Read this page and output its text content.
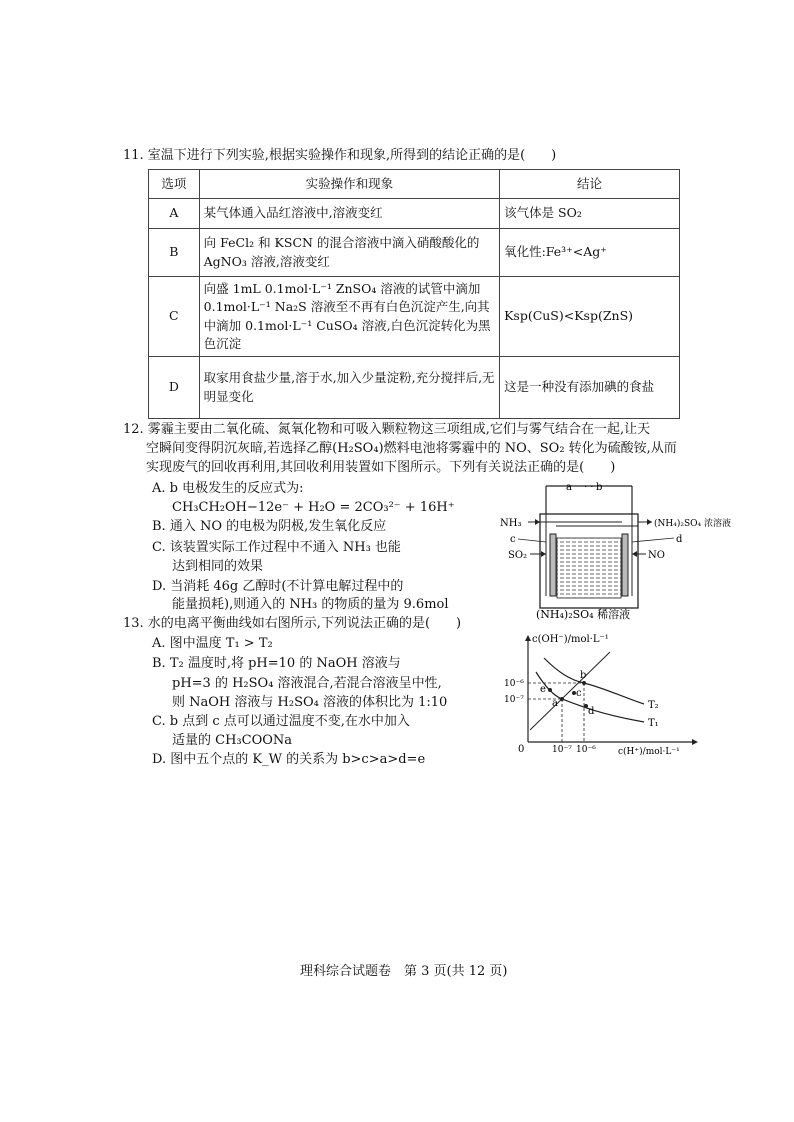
11. 室温下进行下列实验,根据实验操作和现象,所得到的结论正确的是(　　)
选项	实验操作和现象	结论
A	某气体通入品红溶液中,溶液变红	该气体是 SO₂
B	向 FeCl₂ 和 KSCN 的混合溶液中滴入硝酸酸化的 AgNO₃ 溶液,溶液变红	氧化性:Fe³⁺<Ag⁺
C	向盛 1mL 0.1mol·L⁻¹ ZnSO₄ 溶液的试管中滴加 0.1mol·L⁻¹ Na₂S 溶液至不再有白色沉淀产生,向其中滴加 0.1mol·L⁻¹ CuSO₄ 溶液,白色沉淀转化为黑色沉淀	Ksp(CuS)<Ksp(ZnS)
D	取家用食盐少量,溶于水,加入少量淀粉,充分搅拌后,无明显变化	这是一种没有添加碘的食盐
12. 雾霾主要由二氧化硫、氮氧化物和可吸入颗粒物这三项组成,它们与雾气结合在一起,让天
空瞬间变得阴沉灰暗,若选择乙醇(H₂SO₄)燃料电池将雾霾中的 NO、SO₂ 转化为硫酸铵,从而
实现废气的回收再利用,其回收利用装置如下图所示。下列有关说法正确的是(　　)
A. b 电极发生的反应式为:
CH₃CH₂OH−12e⁻ + H₂O = 2CO₃²⁻ + 16H⁺
B. 通入 NO 的电极为阴极,发生氧化反应
C. 该装置实际工作过程中不通入 NH₃ 也能
达到相同的效果
D. 当消耗 46g 乙醇时(不计算电解过程中的
能量损耗),则通入的 NH₃ 的物质的量为 9.6mol
a · · b
NH₃	(NH₄)₂SO₄ 浓溶液
c	d
SO₂	NO
(NH₄)₂SO₄ 稀溶液
13. 水的电离平衡曲线如右图所示,下列说法正确的是(　　)
A. 图中温度 T₁ > T₂
B. T₂ 温度时,将 pH=10 的 NaOH 溶液与
pH=3 的 H₂SO₄ 溶液混合,若混合溶液呈中性,
则 NaOH 溶液与 H₂SO₄ 溶液的体积比为 1:10
C. b 点到 c 点可以通过温度不变,在水中加入
适量的 CH₃COONa
D. 图中五个点的 K_W 的关系为 b>c>a>d=e
c(OH⁻)/mol·L⁻¹
c(H⁺)/mol·L⁻¹
0
10⁻⁶
10⁻⁷
10⁻⁷ 10⁻⁶
T₂
T₁
a
b
c
d
e
理科综合试题卷　第 3 页(共 12 页)
